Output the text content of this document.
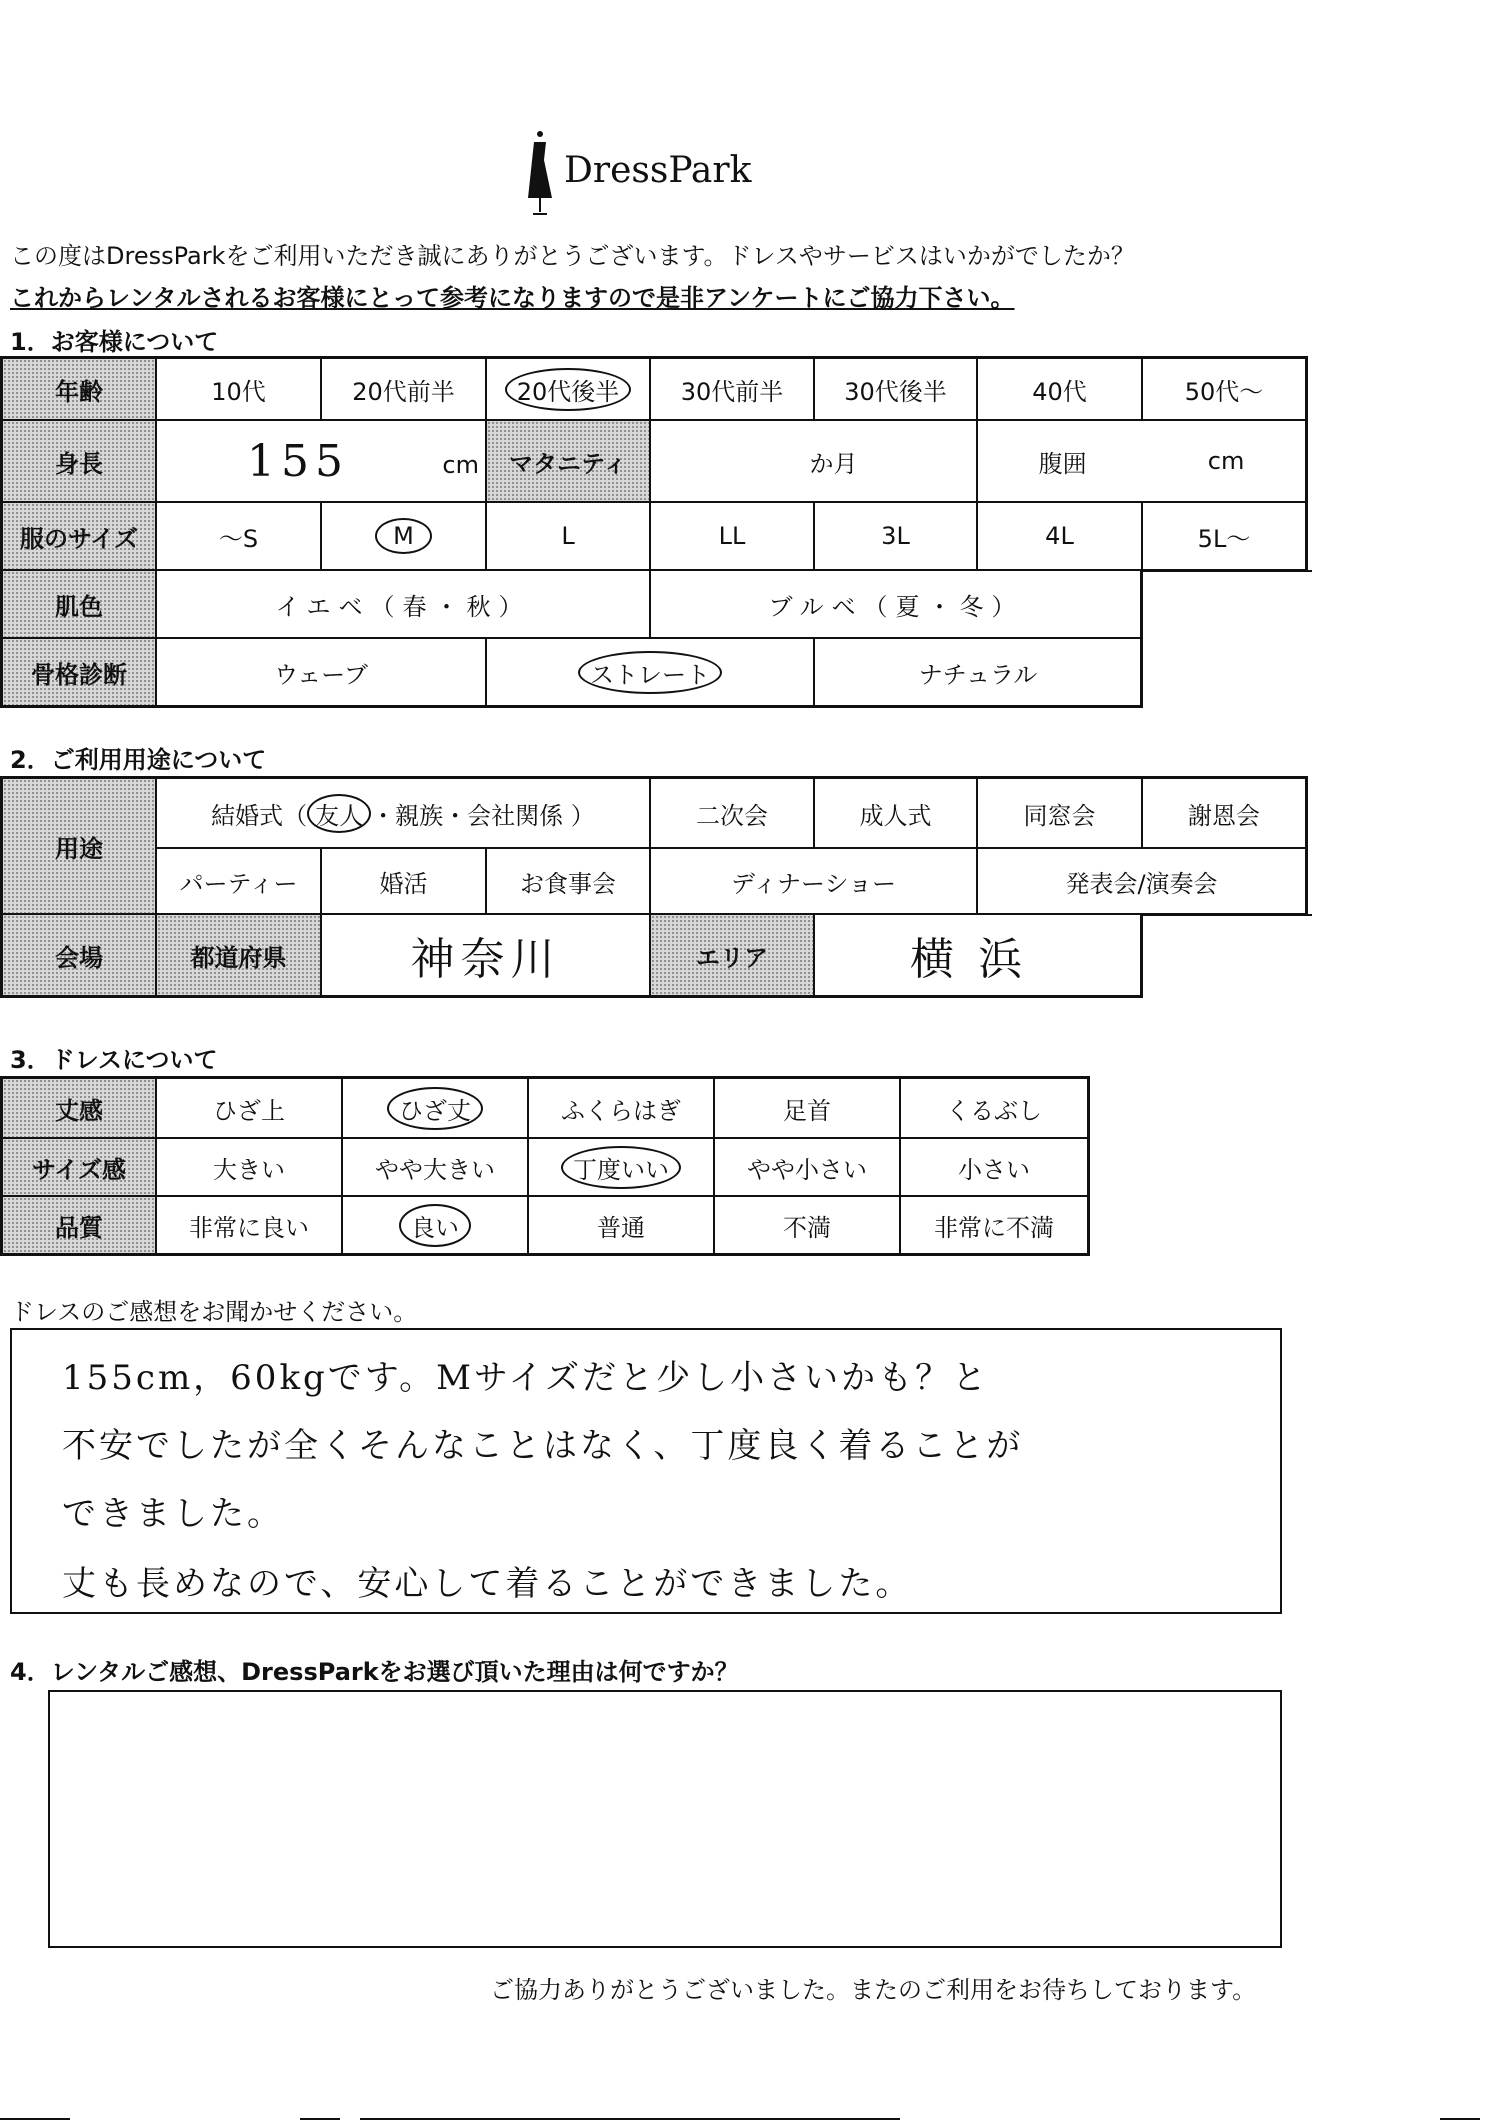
DressPark
この度はDressParkをご利用いただき誠にありがとうございます。ドレスやサービスはいかがでしたか？
これからレンタルされるお客様にとって参考になりますので是非アンケートにご協力下さい。
1．お客様について
年齢	10代	20代前半	20代後半	30代前半	30代後半	40代	50代〜
身長	155	cm	マタニティ	か月	腹囲	cm
服のサイズ	〜S	M	L	LL	3L	4L	5L〜
肌色	イエベ（春・秋）	ブルベ（夏・冬）
骨格診断	ウェーブ	ストレート	ナチュラル
2．ご利用用途について
用途
結婚式（ 友人 ・親族・会社関係 ）	二次会	成人式	同窓会	謝恩会
パーティー	婚活	お食事会	ディナーショー	発表会/演奏会
会場	都道府県	神奈川	エリア	横浜
3．ドレスについて
丈感	ひざ上	ひざ丈	ふくらはぎ	足首	くるぶし
サイズ感	大きい	やや大きい	丁度いい	やや小さい	小さい
品質	非常に良い	良い	普通	不満	非常に不満
ドレスのご感想をお聞かせください。
155cm，60kgです。Mサイズだと少し小さいかも？と
不安でしたが全くそんなことはなく、丁度良く着ることが
できました。
丈も長めなので、安心して着ることができました。
4．レンタルご感想、DressParkをお選び頂いた理由は何ですか？
ご協力ありがとうございました。またのご利用をお待ちしております。
